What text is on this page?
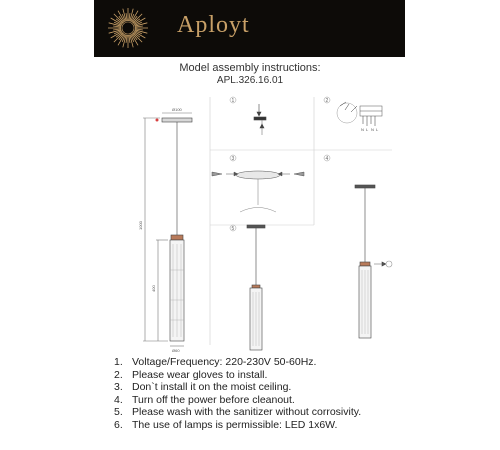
Aployt
Model assembly instructions:
APL.326.16.01
1	2
3	4
5
Ø100
1000
400
Ø60
N L N L
1. Voltage/Frequency: 220-230V 50-60Hz.
2. Please wear gloves to install.
3. Don`t install it on the moist ceiling.
4. Turn off the power before cleanout.
5. Please wash with the sanitizer without corrosivity.
6. The use of lamps is permissible: LED 1x6W.
